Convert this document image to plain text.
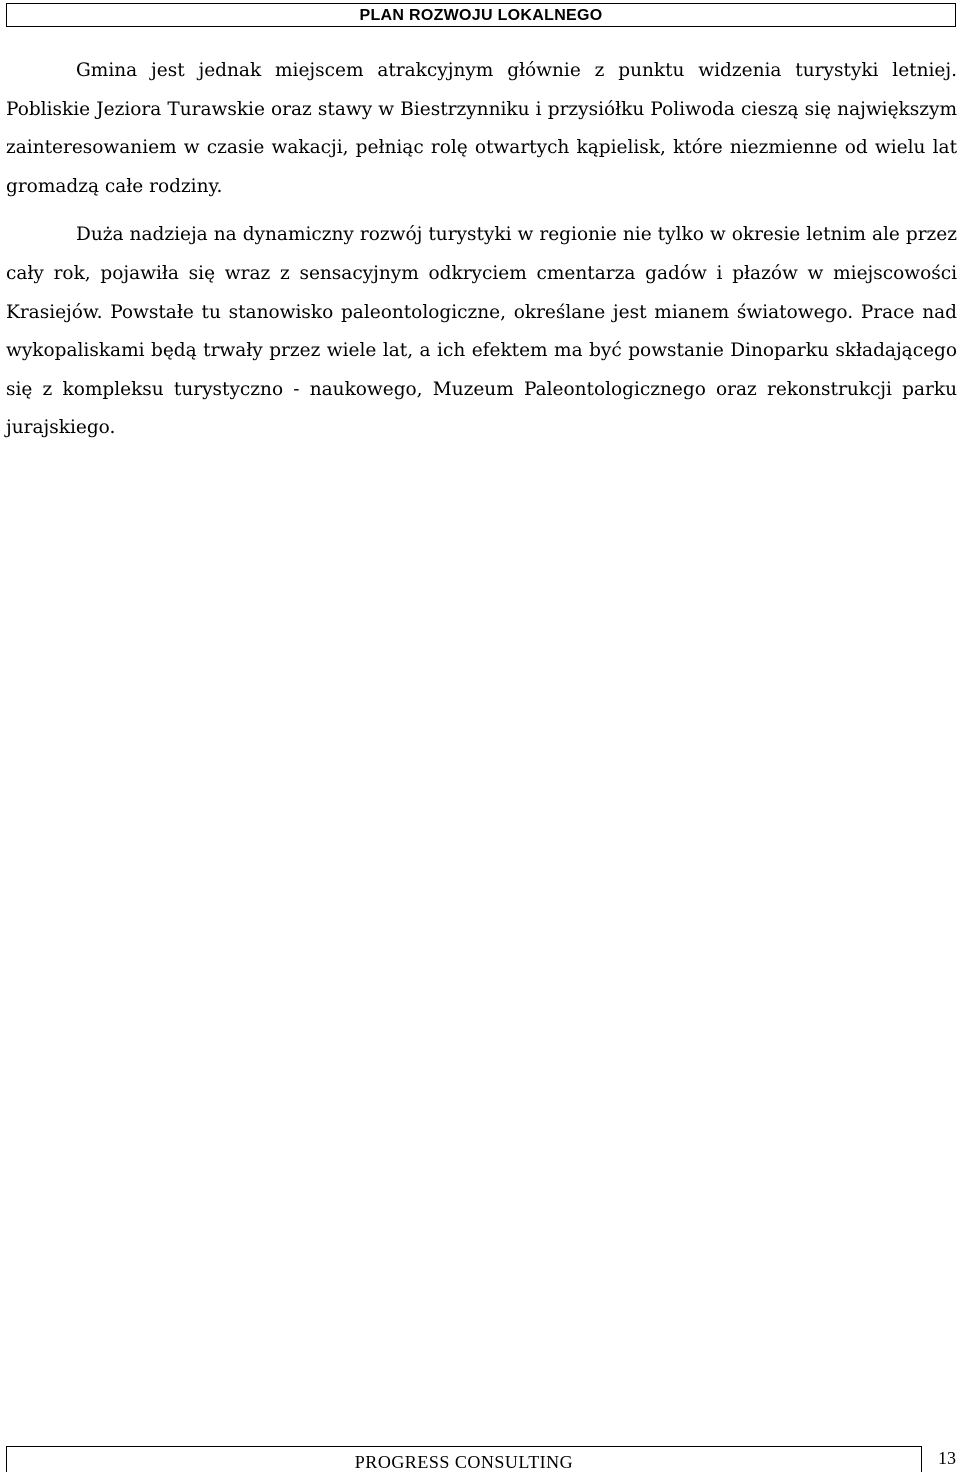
PLAN ROZWOJU LOKALNEGO

Gmina jest jednak miejscem atrakcyjnym głównie z punktu widzenia turystyki letniej. Pobliskie Jeziora Turawskie oraz stawy w Biestrzynniku i przysiółku Poliwoda cieszą się największym zainteresowaniem w czasie wakacji, pełniąc rolę otwartych kąpielisk, które niezmienne od wielu lat gromadzą całe rodziny.

Duża nadzieja na dynamiczny rozwój turystyki w regionie nie tylko w okresie letnim ale przez cały rok, pojawiła się wraz z sensacyjnym odkryciem cmentarza gadów i płazów w miejscowości Krasiejów. Powstałe tu stanowisko paleontologiczne, określane jest mianem światowego. Prace nad wykopaliskami będą trwały przez wiele lat, a ich efektem ma być powstanie Dinoparku składającego się z kompleksu turystyczno - naukowego, Muzeum Paleontologicznego oraz rekonstrukcji parku jurajskiego.

PROGRESS CONSULTING	13
